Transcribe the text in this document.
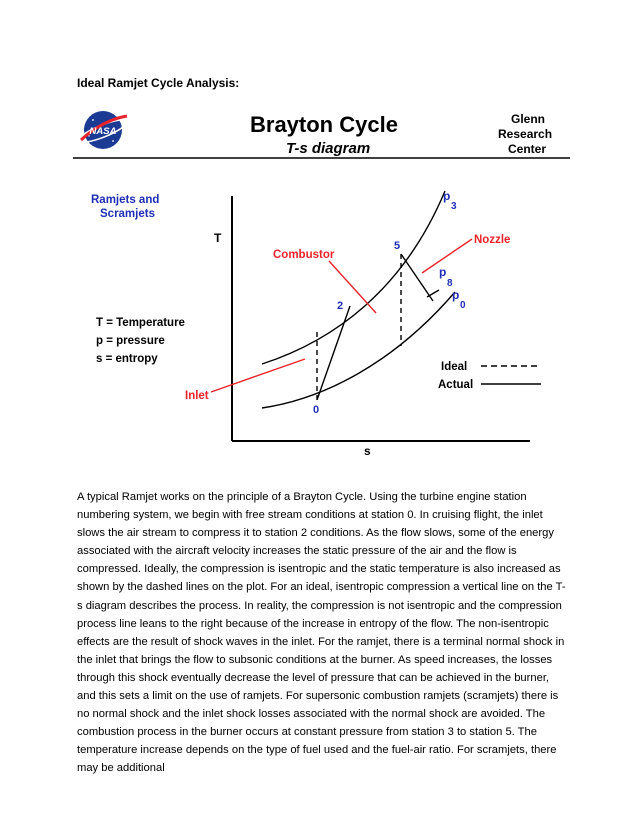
Ideal Ramjet Cycle Analysis:
NASA	Brayton Cycle
T-s diagram
Glenn
Research
Center
Ramjets and
Scramjets
T
s
0
2
5
p
3
p
8
p
0
Combustor
Nozzle
Inlet
T = Temperature
p = pressure
s = entropy
Ideal
Actual

A typical Ramjet works on the principle of a Brayton Cycle. Using the turbine engine station numbering system, we begin with free stream conditions at station 0. In cruising flight, the inlet slows the air stream to compress it to station 2 conditions. As the flow slows, some of the energy associated with the aircraft velocity increases the static pressure of the air and the flow is compressed. Ideally, the compression is isentropic and the static temperature is also increased as shown by the dashed lines on the plot. For an ideal, isentropic compression a vertical line on the T-s diagram describes the process. In reality, the compression is not isentropic and the compression process line leans to the right because of the increase in entropy of the flow. The non-isentropic effects are the result of shock waves in the inlet. For the ramjet, there is a terminal normal shock in the inlet that brings the flow to subsonic conditions at the burner. As speed increases, the losses through this shock eventually decrease the level of pressure that can be achieved in the burner, and this sets a limit on the use of ramjets. For supersonic combustion ramjets (scramjets) there is no normal shock and the inlet shock losses associated with the normal shock are avoided. The combustion process in the burner occurs at constant pressure from station 3 to station 5. The temperature increase depends on the type of fuel used and the fuel-air ratio. For scramjets, there may be additional
